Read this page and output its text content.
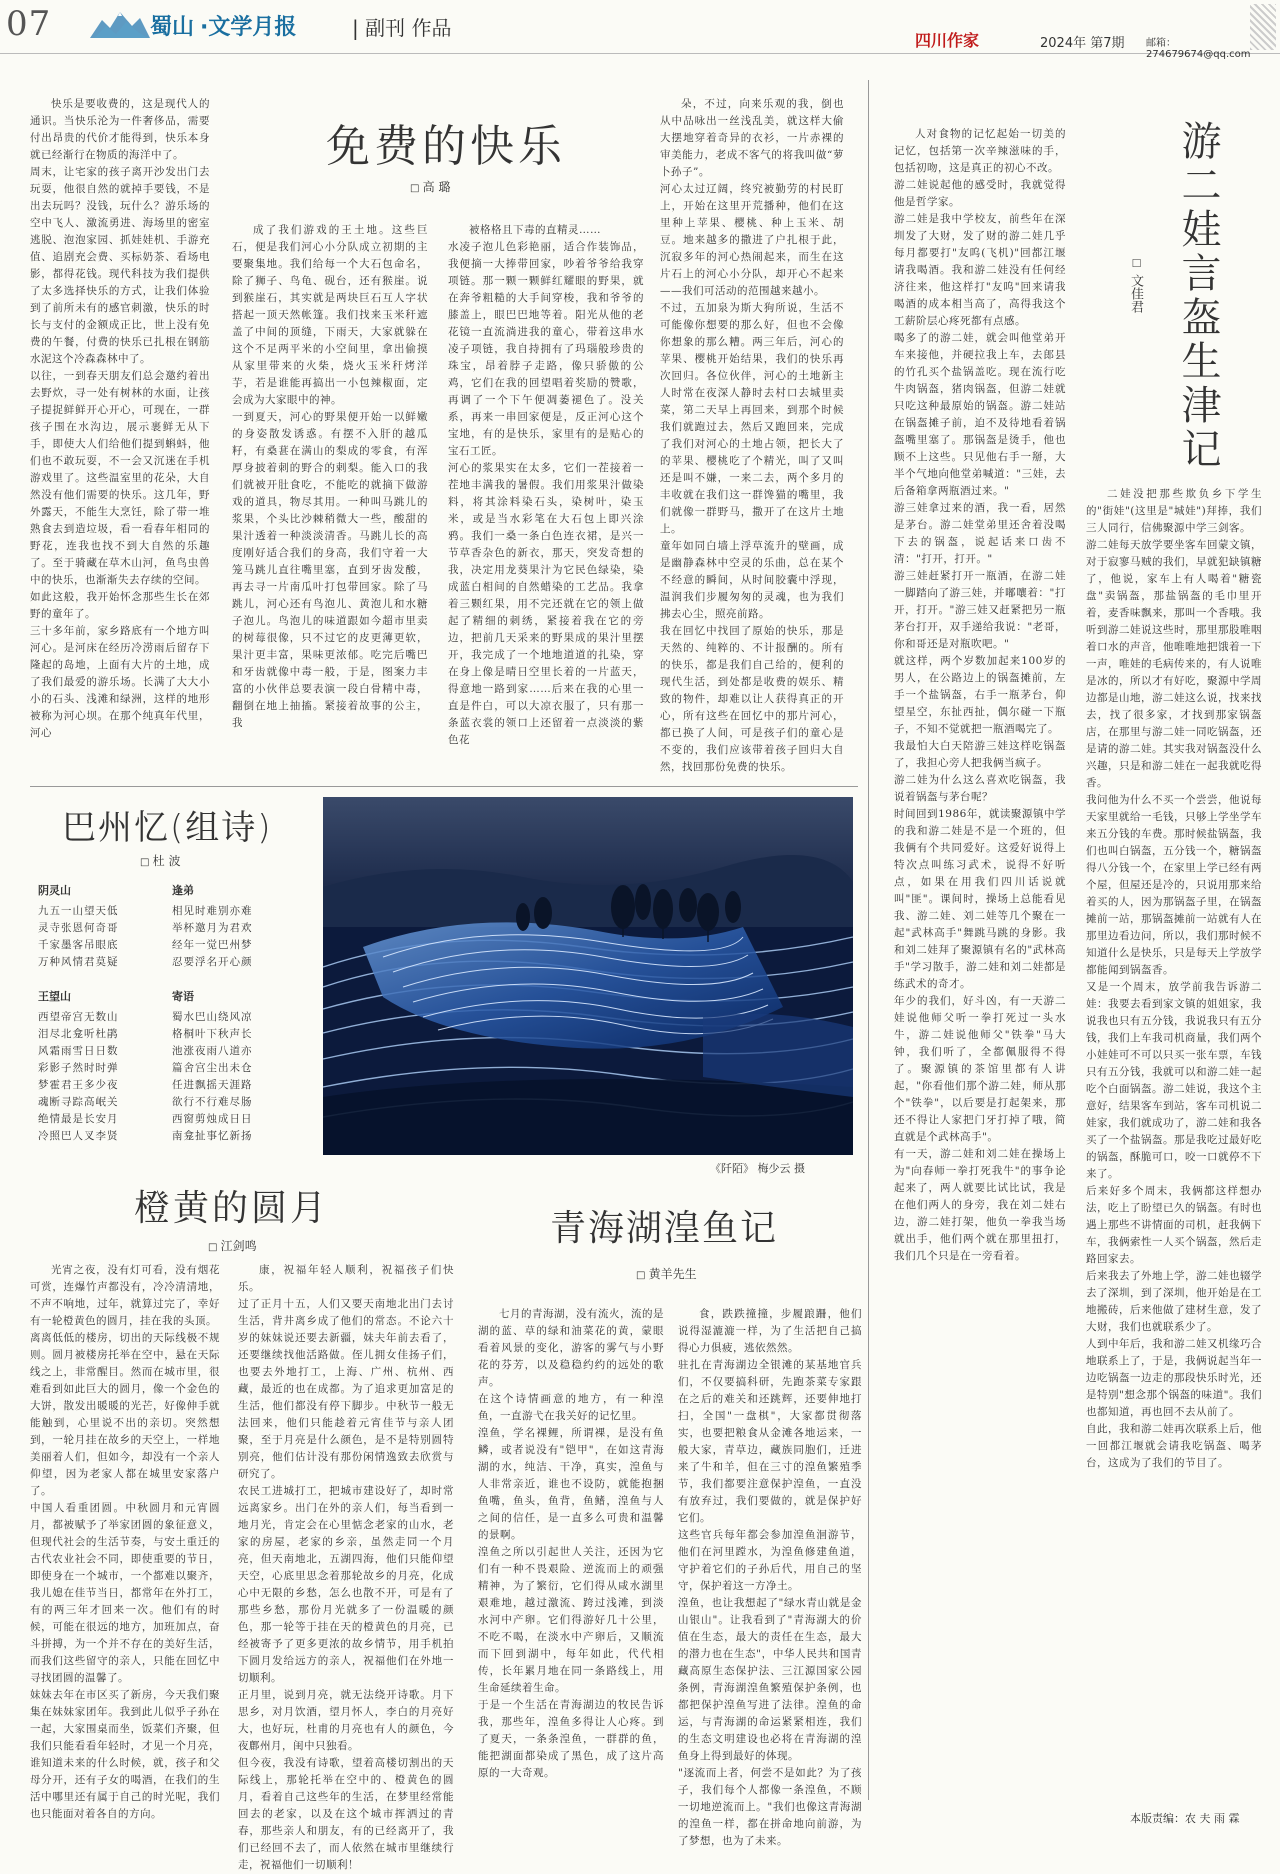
07	蜀山 ·文学月报	| 副刊 作品
四川作家	2024年 第7期 邮箱：274679674@qq.com
免费的快乐
□ 高 璐
快乐是要收费的，这是现代人的通识。当快乐沦为一件奢侈品，需要付出昂贵的代价才能得到，快乐本身就已经渐行在物质的海洋中了。
周末，让宅家的孩子离开沙发出门去玩耍，他很自然的就掉手要钱，不是出去玩吗？没钱，玩什么？游乐场的空中飞人、激流勇进、海场里的密室逃脱、泡泡家园、抓娃娃机、手游充值、追剧充会费、买标奶茶、看场电影，都得花钱。现代科技为我们提供了太多选择快乐的方式，让我们体验到了前所未有的感官刺激，快乐的时长与支付的金额成正比，世上没有免费的午餐，付费的快乐已扎根在钢筋水泥这个冷森森林中了。
以往，一到春天朋友们总会邀约着出去野炊，寻一处有树林的水面，让孩子提捉鲜鲜开心开心，可现在，一群孩子围在水沟边，展示裹鲜无从下手，即使大人们给他们提到蝌蚪，他们也不敢玩耍，不一会又沉迷在手机游戏里了。这些温室里的花朵，大自然没有他们需要的快乐。这几年，野外露天，不能生大烹饪，除了带一堆熟食去到造垃圾，看一看春年相同的野花，连我也找不到大自然的乐趣了。至于骑藏在草木山河，鱼鸟虫兽中的快乐，也渐渐失去存续的空间。
如此这般，我开始怀念那些生长在郊野的童年了。
三十多年前，家乡路底有一个地方叫河心。是河床在经历冷涝雨后留存下隆起的岛地，上面有大片的土地，成了我们最爱的游乐场。长满了大大小小的石头、浅滩和绿洲，这样的地形被称为河心坝。在那个纯真年代里，河心
成了我们游戏的王土地。这些巨石，便是我们河心小分队成立初期的主要聚集地。我们给每一个大石包命名，除了狮子、鸟龟、砚台，还有猴崖。说到猴崖石，其实就是两块巨石互人字状搭起一顶天然帐篷。我们找来玉米秆遮盖了中间的顶缝，下雨天，大家就躲在这个不足两平米的小空间里，拿出偷摸从家里带来的火柴，烧火玉米秆烤洋芋，若是谁能再搞出一小包辣椒面，定会成为大家眼中的神。
一到夏天，河心的野果便开始一以鲜嫩的身姿散发诱惑。有摆不入肝的越瓜籽，有桑葚在满山的梨成的零食，有浑厚身披着刺的野合的剌梨。能入口的我们就被开肚食吃，不能吃的就摘下做游戏的道具，物尽其用。一种叫马跳儿的浆果，个头比沙棘稍微大一些，酸甜的果汁透着一种淡淡清香。马跳儿长的高度刚好适合我们的身高，我们守着一大笼马跳儿直往嘴里塞，直到牙齿发酸，再去寻一片南瓜叶打包带回家。除了马跳儿，河心还有鸟泡儿、黄泡儿和水糖子泡儿。鸟泡儿的味道跟如今超市里卖的树莓很像，只不过它的皮更薄更软，果汁更丰富，果味更浓郁。吃完后嘴巴和牙齿就像中毒一般，于是，图案力丰富的小伙伴总要表演一段白骨精中毒，翻倒在地上抽搐。紧接着故事的公主，我
被格格且下毒的直精灵……
水凌子泡儿色彩艳丽，适合作装饰品，我便摘一大捧带回家，吵着爷爷给我穿项链。那一颗一颗鲜红耀眼的野果，就在奔爷粗糙的大手间穿梭，我和爷爷的膝盖上，眼巴巴地等着。阳光从他的老花镜一直流淌进我的童心，带着这串水凌子项链，我自持拥有了玛瑙般珍贵的珠宝，昂着脖子走路，像只骄傲的公鸡，它们在我的回望唱着奖励的赞歌，再调了一个下午便凋萎褪色了。没关系，再来一串回家便是，反正河心这个宝地，有的是快乐，家里有的是贴心的宝石工匠。
河心的浆果实在太多，它们一茬接着一茬地丰满我的暑假。我们用浆果汁做染料，将其涂料染石头，染树叶，染玉米，或是当水彩笔在大石包上即兴涂鸦。我们一桑一条白色连衣裙，是兴一节草香杂色的新衣，那天，突发奇想的我，决定用龙葵果汁为它民色绿染，染成蓝白相间的自然蜡染的工艺品。我拿着三颗红果，用不完还就在它的领上做起了精细的刺绣，紧接着我在它的旁边，把前几天采来的野果成的果汁里摆开，我完成了一个地地道道的扎染，穿在身上像是晴日空里长着的一片蓝天，得意地一路到家……后来在我的心里一直是件白，可以大凉衣服了，只有那一条蓝衣裳的领口上还留着一点淡淡的紫色花
朵，不过，向来乐观的我，倒也从中品咏出一丝浅乱美，就这样大偷大摆地穿着奇异的衣衫，一片赤裸的审美能力，老成不客气的将我叫做“萝卜孙子”。
河心太过辽阔，终究被勤劳的村民盯上，开始在这里开荒播种，他们在这里种上苹果、樱桃、种上玉米、胡豆。地来越多的撒进了户扎根于此，沉寂多年的河心热闹起来，而生在这片石上的河心小分队，却开心不起来——我们可活动的范围越来越小。
不过，五加泉为斯大狗所说，生活不可能像你想要的那么好，但也不会像你想象的那么糟。两三年后，河心的苹果、樱桃开始结果，我们的快乐再次回归。各位伙伴，河心的土地新主人时常在夜深人静时去村口去城里卖菜，第二天早上再回来，到那个时候我们就跑过去，然后又跑回来，完成了我们对河心的土地占领，把长大了的苹果、樱桃吃了个精光，叫了又叫还是叫不嫌，一来二去，两个多月的丰收就在我们这一群馋猫的嘴里，我们就像一群野马，撒开了在这片土地上。
童年如同白墙上浮草流升的壁画，成是幽静森林中空灵的乐曲，总在某个不经意的瞬间，从时间胶囊中浮现，温润我们步履匆匆的灵魂，也为我们拂去心尘，照亮前路。
我在回忆中找回了原始的快乐，那是天然的、纯粹的、不计报酬的。所有的快乐，都是我们自己给的，便利的现代生活，到处都是收费的娱乐、精致的物件，却难以让人获得真正的开心，所有这些在回忆中的那片河心，都已换了人间，可是孩子们的童心是不变的，我们应该带着孩子回归大自然，找回那份免费的快乐。
巴州忆(组诗)
□ 杜 波
阴灵山
九五一山望天低
灵寺张恩何奇哥
千家墨客吊眼底
万种风情君莫疑
逢弟
相见时难别亦难
举杯邀月为君欢
经年一觉巴州梦
忍要浮名开心颜
王望山
西望帝宫无数山
泪尽北龛听杜鹃
风霜雨雪日日数
彩影子然时时弹
梦霍君王多少夜
魂断寻踪高岷关
绝情最是长安月
冷照巴人叉李贤
寄语
蜀水巴山绕风凉
格桐叶下秋声长
池涨夜雨八道亦
篇舍宫尘出未仓
任进飘摇天涯路
欲行不行难尽肠
西窗剪烛成日日
南龛扯事忆新扬
《阡陌》 梅少云 摄
橙黄的圆月
□ 江剑鸣
光宵之夜，没有灯可看，没有烟花可赏，连爆竹声都没有，冷冷清清地，不声不响地，过年，就算过完了，幸好有一轮橙黄色的圆月，挂在我的头顶。
离离低低的楼房，切出的天际线极不规则。圆月被楼房托举在空中，悬在天际线之上，非常醒目。然而在城市里，很难看到如此巨大的圆月，像一个金色的大饼，散发出暖暖的光芒，好像伸手就能触到，心里说不出的亲切。突然想到，一轮月挂在故乡的天空上，一样地美丽着人们，但如今，却没有一个亲人仰望，因为老家人都在城里安家落户了。
中国人看重团圆。中秋圆月和元宵圆月，都被赋予了举家团圆的象征意义，但现代社会的生活节奏，与安土重迁的古代农业社会不同，即使重要的节日，即使身在一个城市，一个都难以聚齐，我儿媳在佳节当日，都常年在外打工，有的两三年才回来一次。他们有的时候，可能在很远的地方，加班加点，奋斗拼搏，为一个并不存在的美好生活，而我们这些留守的亲人，只能在回忆中寻找团圆的温馨了。
妹妹去年在市区买了新房，今天我们聚集在妹妹家团年。我到此儿似乎子孙在一起，大家围桌而坐，饭菜们齐聚，但我们只能看看年轻时，才见一个月亮，谁知道未来的什么时候，就，孩子和父母分开，还有子女的喝酒，在我们的生活中哪里还有属于自己的时光呢，我们也只能面对着各自的方向。
康，祝福年轻人顺利，祝福孩子们快乐。
过了正月十五，人们又要天南地北出门去讨生活，背井离乡成了他们的常态。不论六十岁的妹妹说还要去新疆，妹夫年前去看了，还要继续找他活路做。侄儿拥女佳扬子们，也要去外地打工，上海、广州、杭州、西藏，最近的也在成都。为了追求更加富足的生活，他们都没有停下脚步。中秋节一般无法回来，他们只能趁着元宵佳节与亲人团聚，至于月亮是什么颜色，是不是特别圆特别亮，他们估计没有那份闲情逸致去欣赏与研究了。
农民工进城打工，把城市建设好了，却时常远离家乡。出门在外的亲人们，每当看到一地月光，肯定会在心里惦念老家的山水，老家的房屋，老家的乡亲，虽然走同一个月亮，但天南地北，五湖四海，他们只能仰望天空，心底里思念着那轮故乡的月亮，化成心中无限的乡愁，怎么也散不开，可是有了那些乡愁，那份月光就多了一份温暖的颜色，那一轮等于挂在天的橙黄色的月亮，已经被寄予了更多更浓的故乡情节，用手机拍下圆月发给远方的亲人，祝福他们在外地一切顺利。
正月里，说到月亮，就无法绕开诗歌。月下思乡，对月饮酒，望月怀人，李白的月亮好大，也好玩，杜甫的月亮也有人的颜色，今夜鄜州月，闺中只独看。
但今夜，我没有诗歌，望着高楼切割出的天际线上，那轮托举在空中的、橙黄色的圆月，看着自己这些年的生活，在梦里经常能回去的老家，以及在这个城市挥洒过的青春，那些亲人和朋友，有的已经离开了，我们已经回不去了，而人依然在城市里继续行走，祝福他们一切顺利！
青海湖湟鱼记
□ 黄羊先生
七月的青海湖，没有流火，流的是湖的蓝、草的绿和油菜花的黄，蒙眼看着风景的变化，游客的雾气与小野花的芬芳，以及稳稳约约的远处的歌声。
在这个诗情画意的地方，有一种湟鱼，一直游弋在我关好的记忆里。
湟鱼，学名裸鲤，所谓裸，是没有鱼鳞，或者说没有"铠甲"，在如这青海湖的水，纯洁、干净，真实，湟鱼与人非常亲近，谁也不设防，就能抱捆鱼嘴，鱼头，鱼背，鱼鳍，湟鱼与人之间的信任，是一直多么可贵和温馨的景啊。
湟鱼之所以引起世人关注，还因为它们有一种不畏艰险、逆流而上的顽强精神，为了繁衍，它们得从咸水湖里艰难地，越过激流、跨过浅滩，到淡水河中产卵。它们得游好几十公里，不吃不喝，在淡水中产卵后，又顺流而下回到湖中，每年如此，代代相传，长年累月地在同一条路线上，用生命延续着生命。
于是一个生活在青海湖边的牧民告诉我，那些年，湟鱼多得让人心疼。到了夏天，一条条湟鱼，一群群的鱼，能把湖面都染成了黑色，成了这片高原的一大奇观。
食，跌跌撞撞，步履踉跚，他们说得湿漉漉一样，为了生活把自己搞得心力俱疲，逃依然然。
驻扎在青海湖边全银滩的某基地官兵们，不仅要搞科研，先跑茶菜专家跟在之后的难关和还跳辉，还要伸地打扫，全国"一盘棋"，大家都贯彻落实，也要把粮食从金滩各地运来，一般大家，青草边，藏族同胞们，迁进来了牛和羊，但在三寸的湟鱼繁殖季节，我们都要注意保护湟鱼，一直没有放弃过，我们要做的，就是保护好它们。
这些官兵每年都会参加湟鱼洄游节，他们在河里蹚水，为湟鱼修建鱼道，守护着它们的子孙后代，用自己的坚守，保护着这一方净土。
湟鱼，也让我想起了"绿水青山就是金山银山"。让我看到了"青海湖大的价值在生态，最大的责任在生态，最大的潜力也在生态"，中华人民共和国青藏高原生态保护法、三江源国家公园条例，青海湖湟鱼繁殖保护条例，也都把保护湟鱼写进了法律。湟鱼的命运，与青海湖的命运紧紧相连，我们的生态文明建设也必将在青海湖的湟鱼身上得到最好的体现。
"逐流而上者，何尝不是如此？为了孩子，我们每个人都像一条湟鱼，不顾一切地逆流而上。"我们也像这青海湖的湟鱼一样，都在拼命地向前游，为了梦想，也为了未来。
游二娃言盔生津记
□ 文佳君
人对食物的记忆起始一切美的记忆，包括第一次辛辣滋味的手，包括初吻，这是真正的初心不改。
游二娃说起他的感受时，我就觉得他是哲学家。
游二娃是我中学校友，前些年在深圳发了大财，发了财的游二娃几乎每月都要打"友呜(飞机)"回都江堰请我喝酒。我和游二娃没有任何经济往来，他这样打"友呜"回来请我喝酒的成本相当高了，高得我这个工薪阶层心疼死都有点感。
喝多了的游二娃，就会叫他堂弟开车来接他，并硬拉我上车，去郎县的竹孔买个盐锅盖吃。现在流行吃牛肉锅盔，猪肉锅盔，但游二娃就只吃这种最原始的锅盔。游二娃站在锅盔摊子前，迫不及待地看着锅盔嘴里塞了。那锅盔是烫手，他也顾不上这些。只见他右手一掰，大半个气地向他堂弟喊道："三娃，去后备箱拿两瓶酒过来。"
游三娃拿过来的酒，我一看，居然是茅台。游二娃堂弟里还舍着没喝下去的锅盔，说起话来口齿不清："打开，打开。"
游三娃赶紧打开一瓶酒，在游二娃一脚踏向了游三娃，并嘟嚷着："打开，打开。"游三娃又赶紧把另一瓶茅台打开，双手递给我说："老哥，你和哥还是对瓶吹吧。"
就这样，两个岁数加起来100岁的男人，在公路边上的锅盔摊前，左手一个盐锅盔，右手一瓶茅台，仰望星空，东扯西扯，偶尔碰一下瓶子，不知不觉就把一瓶酒喝完了。
我最怕大白天陪游三娃这样吃锅盔了，我担心旁人把我俩当疯子。
游二娃为什么这么喜欢吃锅盔，我说着锅盔与茅台呢？
时间回到1986年，就读聚源镇中学的我和游二娃是不是一个班的，但我俩有个共同爱好。这爱好说得上特次点叫练习武术，说得不好听点，如果在用我们四川话说就叫"匪"。课间时，操场上总能看见我、游二娃、刘二娃等几个聚在一起"武林高手"舞跳马跳的身影。我和刘二娃拜了聚源镇有名的"武林高手"学习散手，游二娃和刘二娃都是练武术的奇才。
年少的我们，好斗凶，有一天游二娃说他师父听一拳打死过一头水牛，游二娃说他师父"铁拳"马大钟，我们听了，全都佩服得不得了。聚源镇的茶馆里都有人讲起，"你看他们那个游二娃，师从那个"铁拳"，以后要是打起架来，那还不得让人家把门牙打掉了哦，简直就是个武林高手"。
有一天，游二娃和刘二娃在操场上为"向春师一拳打死我牛"的事争论起来了，两人就要比试比试，我是在他们两人的身旁，我在刘二娃右边，游二娃打架，他负一拳我当场就出手，他们两个就在那里扭打，我们几个只是在一旁看着。
二娃没把那些欺负乡下学生的"街娃"(这里是"城娃")拜捧，我们三人同行，信佛聚源中学三剑客。
游二娃每天放学要坐客车回蒙文镇，对于寂寥马贼的我们，早就犯缺镇糖了，他说，家车上有人喝着"糖瓷盘"卖锅盔，那盐锅盔的毛巾里开着，麦香味飘来，那叫一个香哦。我听到游二娃说这些时，那里那股唯咽着口水的声音，他唯唯地把饿着一下一声，唯娃的毛病传来的，有人说唯是冰的，所以才有好吃，聚源中学周边都是山地，游二娃这么说，找来找去，找了很多家，才找到那家锅盔店，在那里与游二娃一同吃锅盔，还是请的游二娃。其实我对锅盔没什么兴趣，只是和游二娃在一起我就吃得香。
我问他为什么不买一个尝尝，他说每天家里就给一毛钱，只够上学坐学车来五分钱的车费。那时候盐锅盔，我们也叫白锅盔，五分钱一个，糖锅盔得八分钱一个，在家里上学已经有两个屋，但屋还是冷的，只说用那来给着买的人，因为那锅盔子里，在锅盔摊前一站，那锅盔摊前一站就有人在那里边看边问，所以，我们那时候不知道什么是快乐，只是每天上学放学都能闻到锅盔香。
又是一个周末，放学前我告诉游二娃：我要去看到家文镇的姐姐家，我说我也只有五分钱，我说我只有五分钱，我们上车我司机商量，我们两个小娃娃可不可以只买一张车票，车钱只有五分钱，我就可以和游二娃一起吃个白面锅盔。游二娃说，我这个主意好，结果客车到站，客车司机说二娃家，我们就成功了，游二娃和我各买了一个盐锅盔。那是我吃过最好吃的锅盔，酥脆可口，咬一口就停不下来了。
后来好多个周末，我俩都这样想办法，吃上了盼望已久的锅盔。有时也遇上那些不讲情面的司机，赶我俩下车，我俩索性一人买个锅盔，然后走路回家去。
后来我去了外地上学，游二娃也辍学去了深圳，到了深圳，他开始是在工地搬砖，后来他做了建材生意，发了大财，我们也就联系少了。
人到中年后，我和游二娃又机缘巧合地联系上了，于是，我俩说起当年一边吃锅盔一边走的那段快乐时光，还是特别"想念那个锅盔的味道"。我们也都知道，再也回不去从前了。
自此，我和游二娃再次联系上后，他一回都江堰就会请我吃锅盔、喝茅台，这成为了我们的节目了。
本版责编：农 夫 雨 霖
